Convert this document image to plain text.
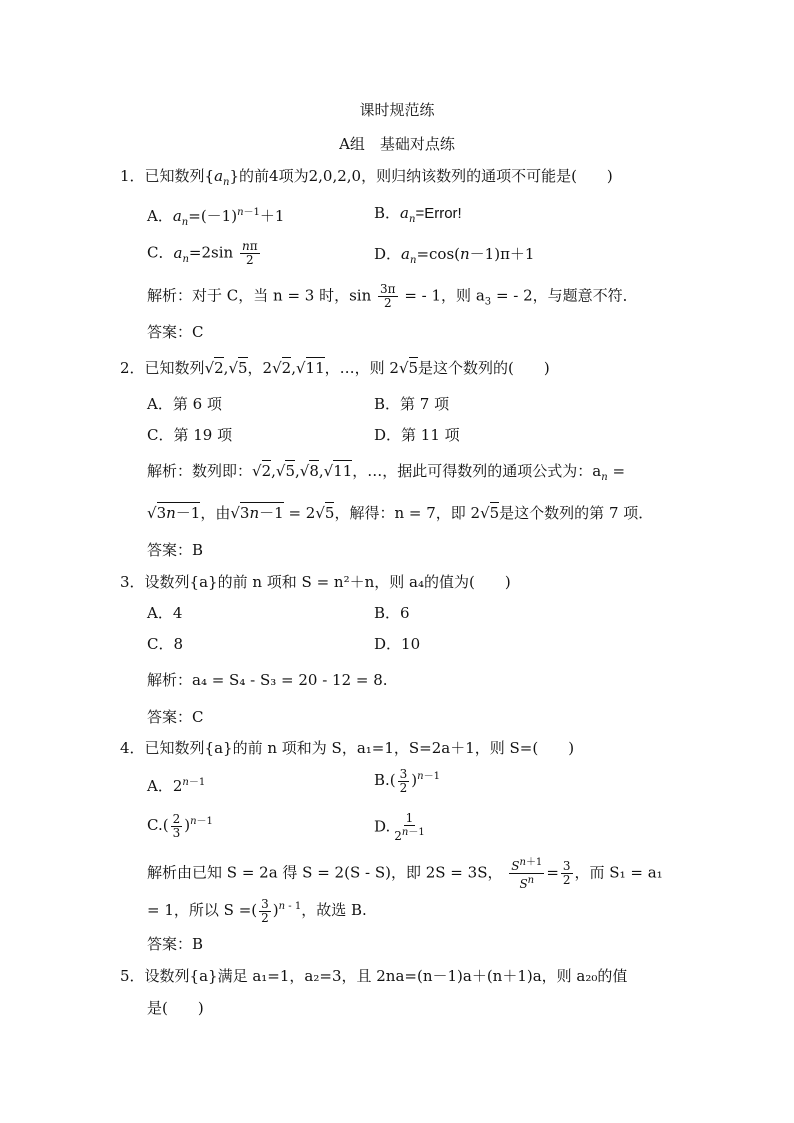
课时规范练
A组　基础对点练
1．已知数列$\{a_n\}$的前4项为2,0,2,0，则归纳该数列的通项不可能是(　　)
A．$a_n=(-1)^{n-1}+1$	B．$a_n=Error$!
C．$a_n=2\sin \frac{n\pi}{2}$	D．$a_n=\cos(n-1)\pi+1$
解析：对于 C，当 n = 3 时，$\sin \frac{3\pi}{2}$ = - 1，则 $a_3$ = - 2，与题意不符．
答案：C
2．已知数列√2,√5，2√2,√11，…，则 2√5是这个数列的(　　)
A．第 6 项	B．第 7 项
C．第 19 项	D．第 11 项
解析：数列即：√2,√5,√8,√11，…，据此可得数列的通项公式为：$a_n$ =
√3n－1，由√3n－1 = 2√5，解得：n = 7，即 2√5是这个数列的第 7 项．
答案：B
3．设数列{a}的前 n 项和 S = n²＋n，则 a₄的值为(　　)
A．4	B．6
C．8	D．10
解析：a₄ = S₄ - S₃ = 20 - 12 = 8.
答案：C
4．已知数列{a}的前 n 项和为 S，a₁=1，S=2a＋1，则 S=(　　)
A．$2^{n-1}$	$B.( \frac{3}{2} )^{n-1}$
$C.( \frac{2}{3} )^{n-1}$	D. $\frac{1}{2^{n-1}}$
解析由已知 S = 2a 得 S = 2(S - S)，即 2S = 3S， $\frac{S^{n+1}}{S^n} = \frac{3}{2}$ ，而 S₁ = a₁
= 1，所以 S =( $\frac{3}{2} )^{n - 1}$，故选 B.
答案：B
5．设数列{a}满足 a₁=1，a₂=3，且 2na=(n－1)a＋(n＋1)a，则 a₂₀的值
是(　　)
